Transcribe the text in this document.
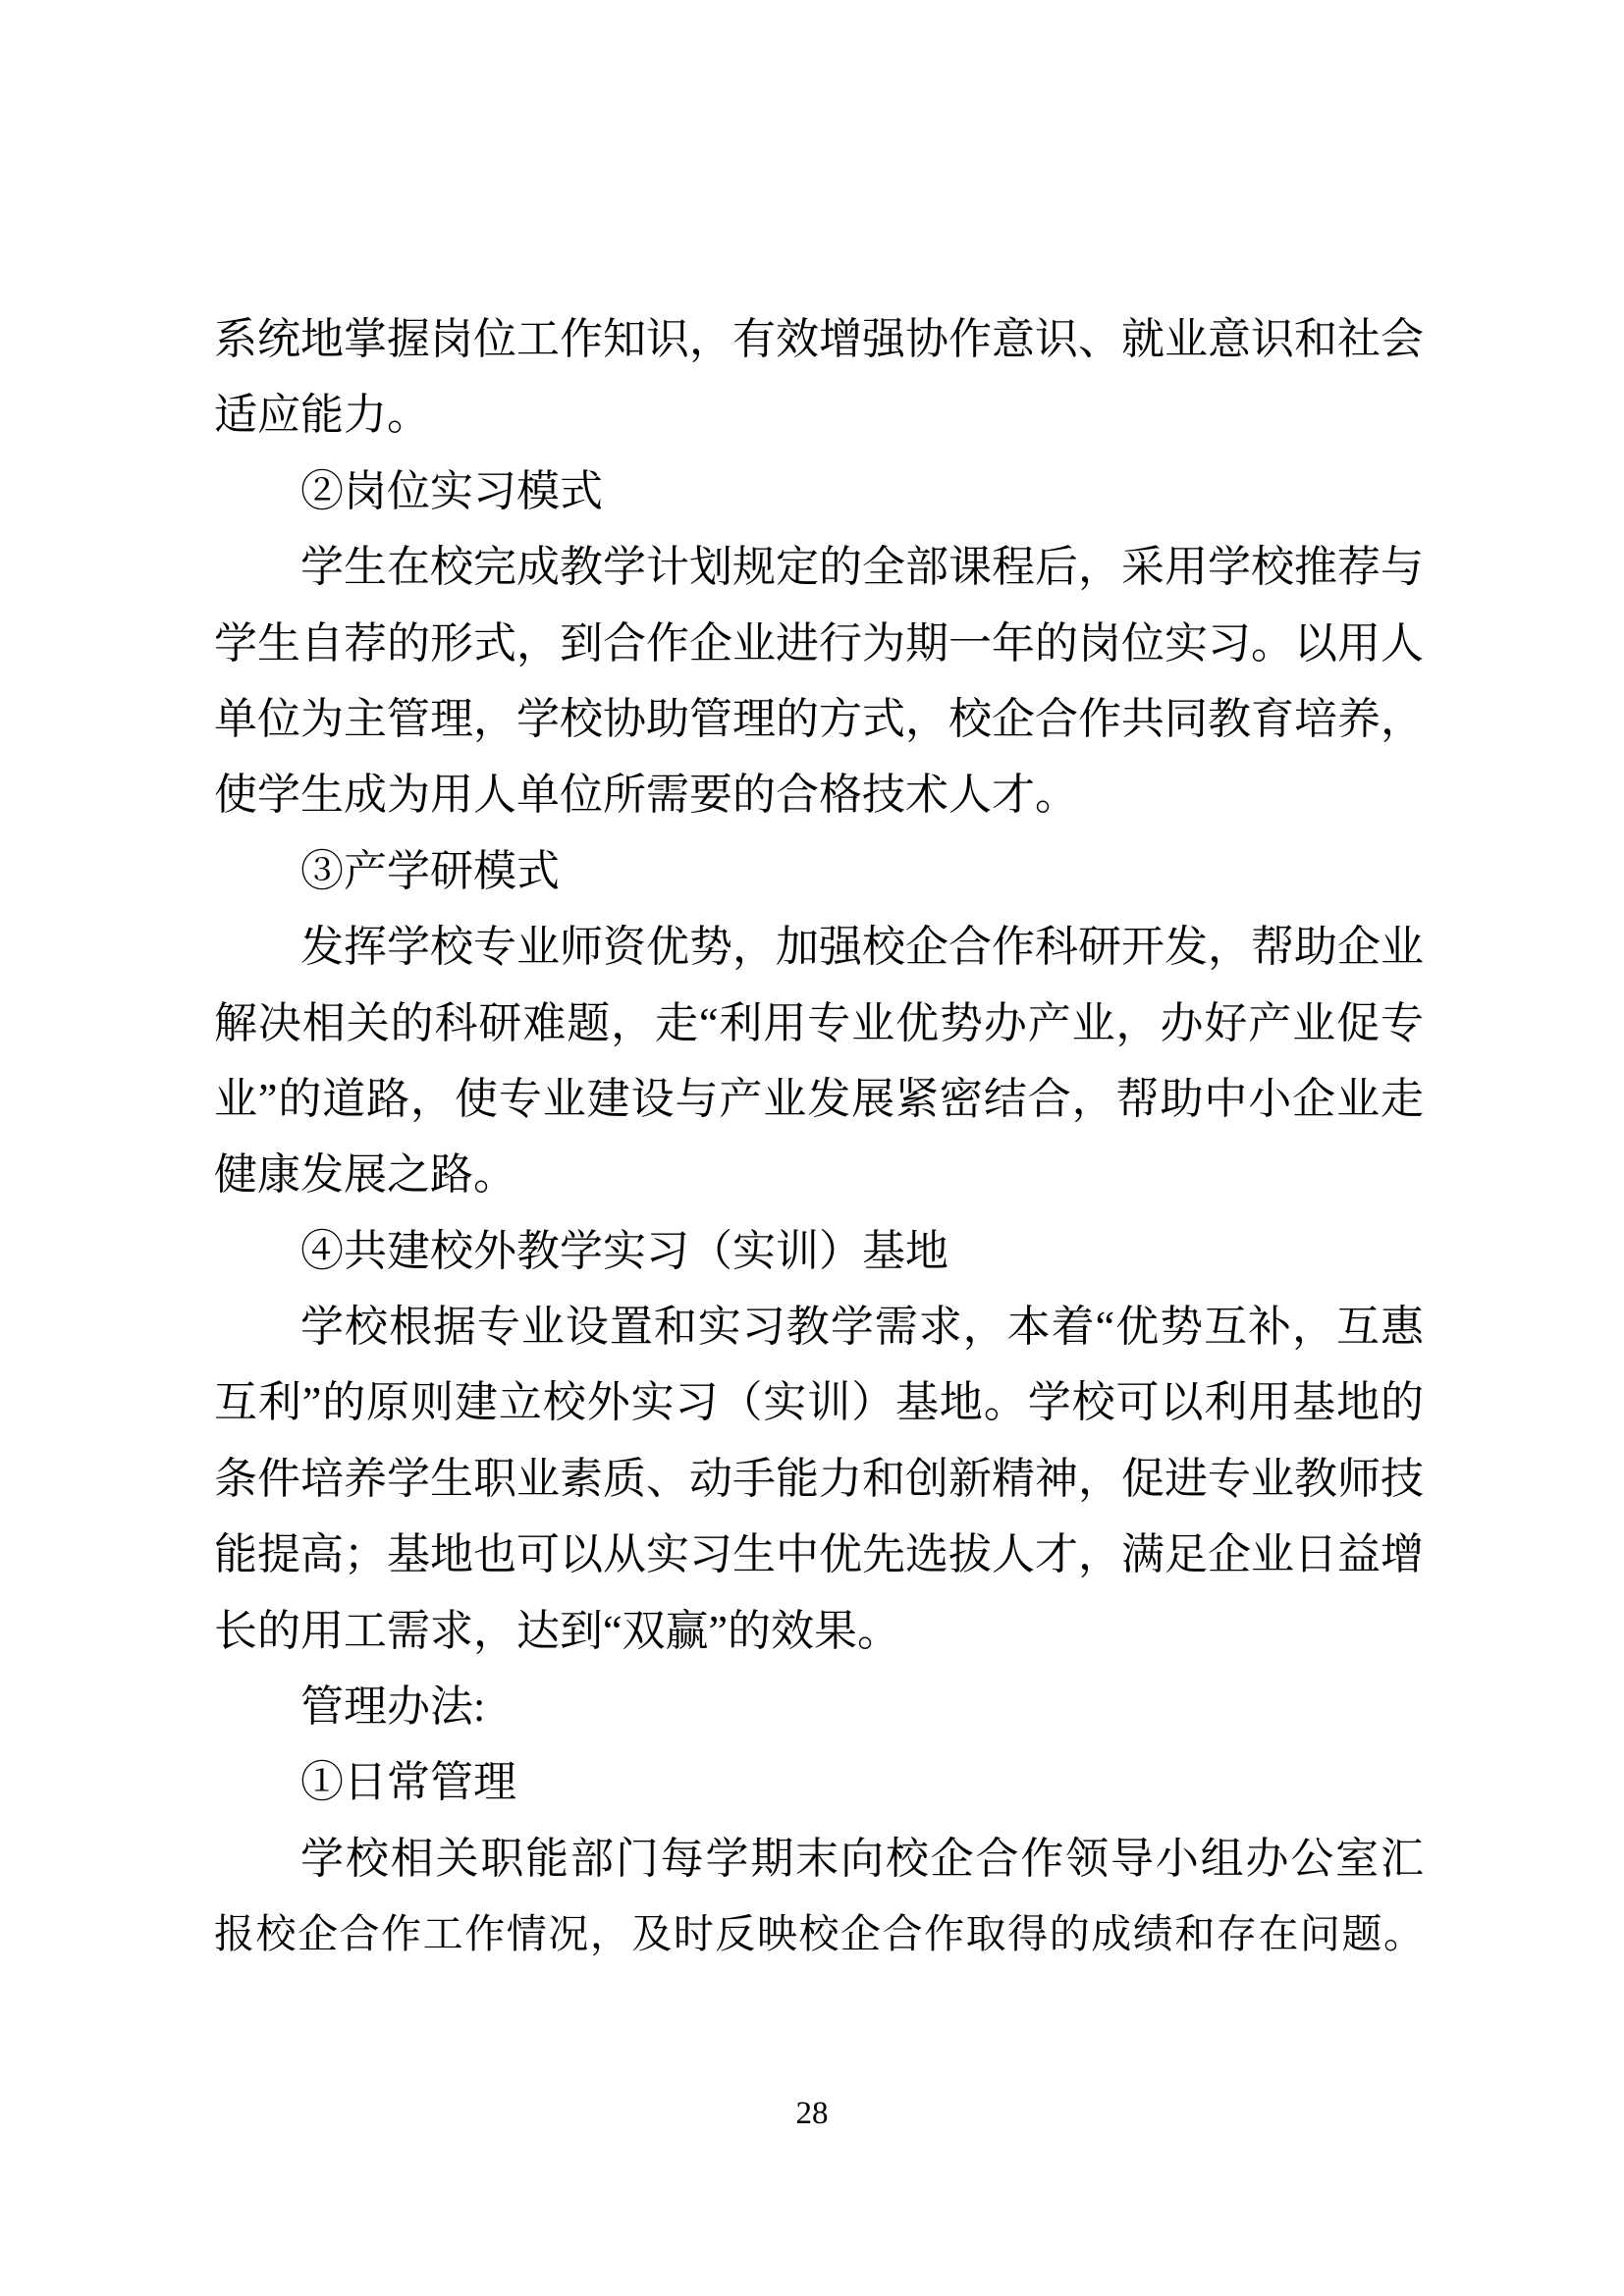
系统地掌握岗位工作知识，有效增强协作意识、就业意识和社会
适应能力。
②岗位实习模式
学生在校完成教学计划规定的全部课程后，采用学校推荐与
学生自荐的形式，到合作企业进行为期一年的岗位实习。以用人
单位为主管理，学校协助管理的方式，校企合作共同教育培养，
使学生成为用人单位所需要的合格技术人才。
③产学研模式
发挥学校专业师资优势，加强校企合作科研开发，帮助企业
解决相关的科研难题，走“利用专业优势办产业，办好产业促专
业”的道路，使专业建设与产业发展紧密结合，帮助中小企业走
健康发展之路。
④共建校外教学实习（实训）基地
学校根据专业设置和实习教学需求，本着“优势互补，互惠
互利”的原则建立校外实习（实训）基地。学校可以利用基地的
条件培养学生职业素质、动手能力和创新精神，促进专业教师技
能提高；基地也可以从实习生中优先选拔人才，满足企业日益增
长的用工需求，达到“双赢”的效果。
管理办法:
①日常管理
学校相关职能部门每学期末向校企合作领导小组办公室汇
报校企合作工作情况，及时反映校企合作取得的成绩和存在问题。
28
